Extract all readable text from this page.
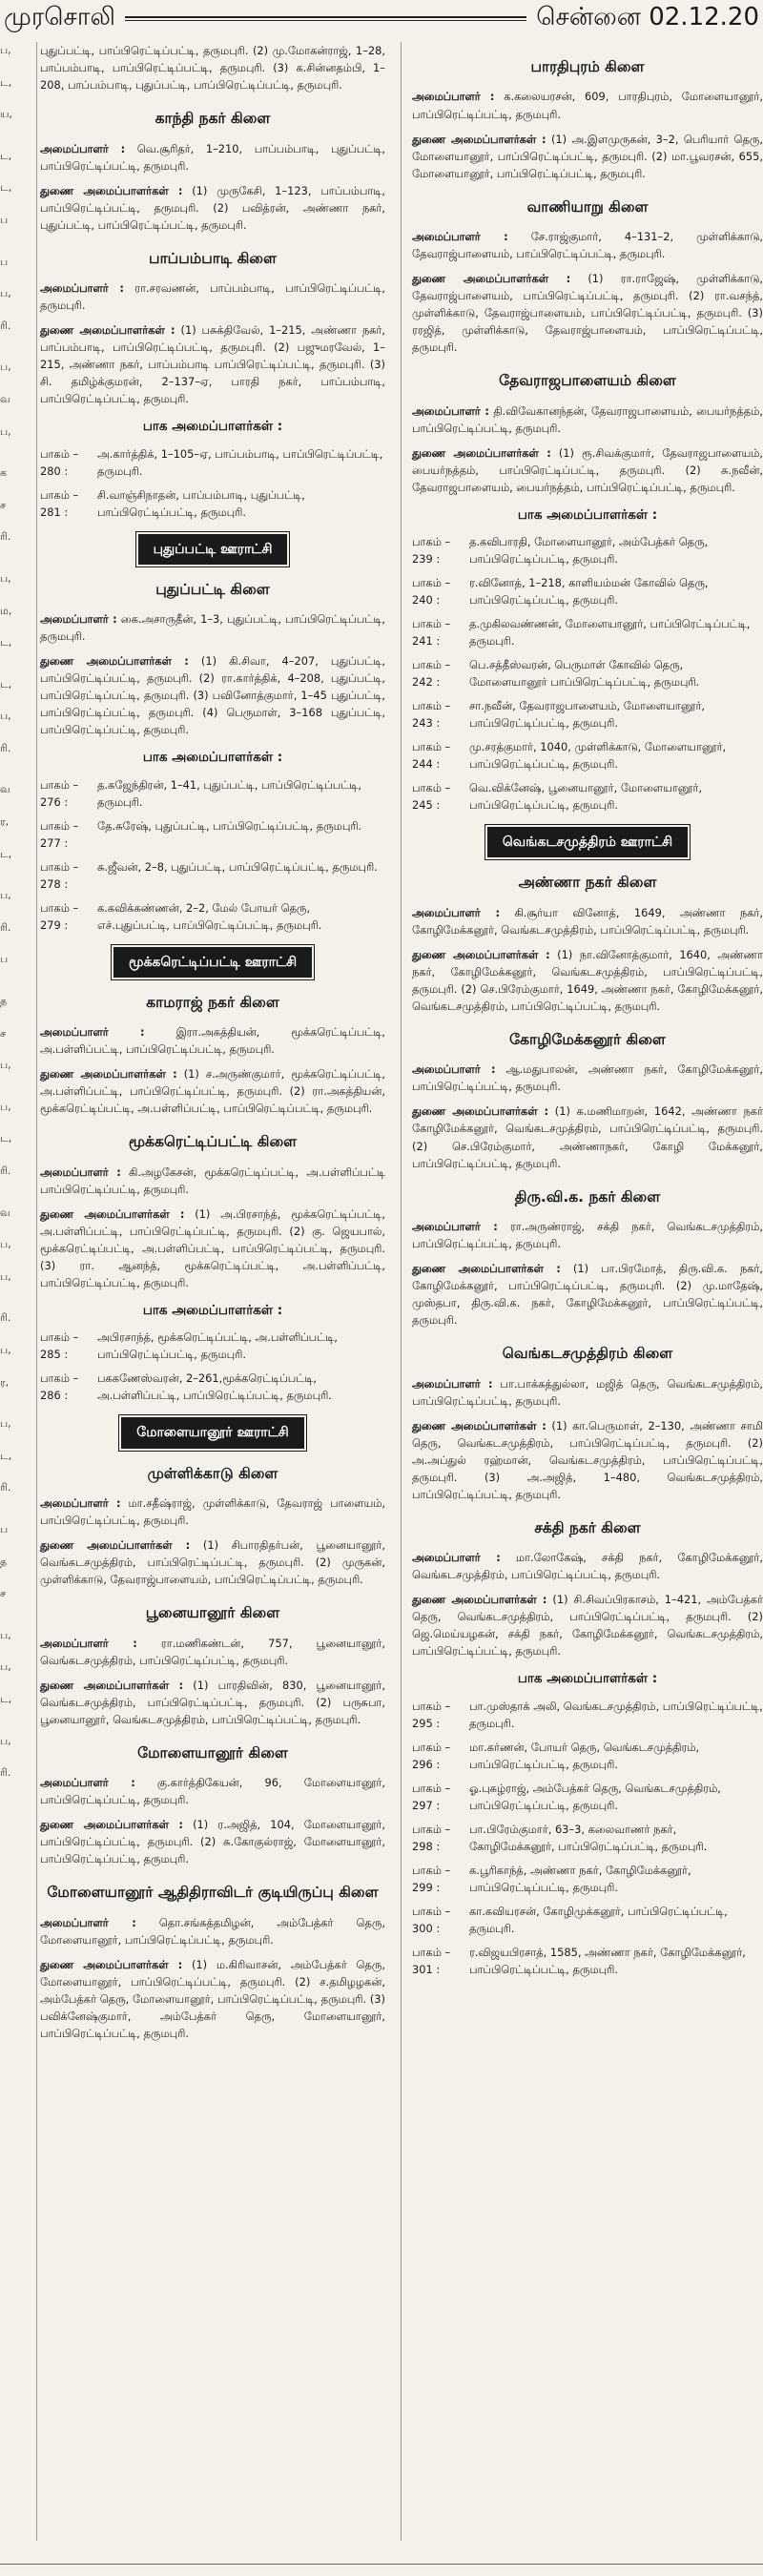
முரசொலி	சென்னை 02.12.20
ப,
ட,
ய,
ட,
ட,
ப
ப
ப,
ரி.
ப,
வ
ப,
க
ச
ரி.
ப,
ம,
ட,
ட,
ப,
ரி.
வ
ர,
ட,
ப,
ரி.
ப
த
ச
ப,
ப,
ட,
ரி.
வ
ப,
ப,
ரி.
ப,
ர,
ப,
ட,
ரி.
ப
த
ச
ப,
ப,
ட,
ப,
ரி.

புதுப்பட்டி, பாப்பிரெட்டிப்பட்டி, தருமபுரி. (2) மு.மோகன்ராஜ், 1–28, பாப்பம்பாடி, பாப்பிரெட்டிப்பட்டி, தருமபுரி. (3) க.சின்னதம்பி, 1–208, பாப்பம்பாடி, புதுப்பட்டி, பாப்பிரெட்டிப்பட்டி, தருமபுரி.

காந்தி நகர் கிளை

அமைப்பாளர் : வெ.சூரிதர், 1–210, பாப்பம்பாடி, புதுப்பட்டி, பாப்பிரெட்டிப்பட்டி, தருமபுரி.

துணை அமைப்பாளர்கள் : (1) முருகேசி, 1–123, பாப்பம்பாடி, பாப்பிரெட்டிப்பட்டி, தருமபுரி. (2) பவித்ரன், அண்ணா நகர், புதுப்பட்டி, பாப்பிரெட்டிப்பட்டி, தருமபுரி.

பாப்பம்பாடி கிளை

அமைப்பாளர் : ரா.சரவணன், பாப்பம்பாடி, பாப்பிரெட்டிப்பட்டி, தருமபுரி.

துணை அமைப்பாளர்கள் : (1) பசுக்திவேல், 1–215, அண்ணா நகர், பாப்பம்பாடி, பாப்பிரெட்டிப்பட்டி, தருமபுரி. (2) பஜுமரவேல், 1–215, அண்ணா நகர், பாப்பம்பாடி பாப்பிரெட்டிப்பட்டி, தருமபுரி. (3) சி. தமிழ்க்குமரன், 2–137–ஏ, பாரதி நகர், பாப்பம்பாடி, பாப்பிரெட்டிப்பட்டி, தருமபுரி.

பாக அமைப்பாளர்கள் :
பாகம் – 280 :
அ.கார்த்திக், 1–105–ஏ, பாப்பம்பாடி, பாப்பிரெட்டிப்பட்டி, தருமபுரி.
பாகம் – 281 :
சி.வாஞ்சிநாதன், பாப்பம்பாடி, புதுப்பட்டி, பாப்பிரெட்டிப்பட்டி, தருமபுரி.
புதுப்பட்டி ஊராட்சி
புதுப்பட்டி கிளை

அமைப்பாளர் : கை.அசாருதீன், 1–3, புதுப்பட்டி, பாப்பிரெட்டிப்பட்டி, தருமபுரி.

துணை அமைப்பாளர்கள் : (1) கி.சிவா, 4–207, புதுப்பட்டி, பாப்பிரெட்டிப்பட்டி, தருமபுரி. (2) ரா.கார்த்திக், 4–208, புதுப்பட்டி, பாப்பிரெட்டிப்பட்டி, தருமபுரி. (3) பவினோத்குமார், 1–45 புதுப்பட்டி, பாப்பிரெட்டிப்பட்டி, தருமபுரி. (4) பெருமாள், 3–168 புதுப்பட்டி, பாப்பிரெட்டிப்பட்டி, தருமபுரி.

பாக அமைப்பாளர்கள் :
பாகம் – 276 :
த.கஜேந்திரன், 1–41, புதுப்பட்டி, பாப்பிரெட்டிப்பட்டி, தருமபுரி.
பாகம் – 277 :
தே.சுரேஷ், புதுப்பட்டி, பாப்பிரெட்டிப்பட்டி, தருமபுரி.
பாகம் – 278 :
சு.ஜீவன், 2–8, புதுப்பட்டி, பாப்பிரெட்டிப்பட்டி, தருமபுரி.
பாகம் – 279 :
க.கவிக்கண்ணன், 2–2, மேல் போயர் தெரு, எச்.புதுப்பட்டி, பாப்பிரெட்டிப்பட்டி, தருமபுரி.
மூக்கரெட்டிப்பட்டி ஊராட்சி
காமராஜ் நகர் கிளை

அமைப்பாளர் :	இரா.அகத்தியன், மூக்கரெட்டிப்பட்டி, அ.பள்ளிப்பட்டி, பாப்பிரெட்டிப்பட்டி, தருமபுரி.

துணை அமைப்பாளர்கள் : (1) ச.அருண்குமார், மூக்கரெட்டிப்பட்டி, அ.பள்ளிப்பட்டி, பாப்பிரெட்டிப்பட்டி, தருமபுரி. (2) ரா.அகத்தியன், மூக்கரெட்டிப்பட்டி, அ.பள்ளிப்பட்டி, பாப்பிரெட்டிப்பட்டி, தருமபுரி.

மூக்கரெட்டிப்பட்டி கிளை

அமைப்பாளர் : கி.அழகேசன், மூக்கரெட்டிப்பட்டி, அ.பள்ளிப்பட்டி பாப்பிரெட்டிப்பட்டி, தருமபுரி.

துணை அமைப்பாளர்கள் : (1) அ.பிரசாந்த், மூக்கரெட்டிப்பட்டி, அ.பள்ளிப்பட்டி, பாப்பிரெட்டிப்பட்டி, தருமபுரி. (2) கு. ஜெயபால், மூக்கரெட்டிப்பட்டி, அ.பள்ளிப்பட்டி, பாப்பிரெட்டிப்பட்டி, தருமபுரி. (3) ரா. ஆனந்த், மூக்கரெட்டிப்பட்டி, அ.பள்ளிப்பட்டி, பாப்பிரெட்டிப்பட்டி, தருமபுரி.

பாக அமைப்பாளர்கள் :
பாகம் – 285 :
அபிரசாந்த், மூக்கரெட்டிப்பட்டி, அ.பள்ளிப்பட்டி, பாப்பிரெட்டிப்பட்டி, தருமபுரி.
பாகம் – 286 :
பககணேஸ்வரன், 2–261,மூக்கரெட்டிப்பட்டி, அ.பள்ளிப்பட்டி, பாப்பிரெட்டிப்பட்டி, தருமபுரி.
மோளையானூர் ஊராட்சி
முள்ளிக்காடு கிளை

அமைப்பாளர் : மா.சதீஷ்ராஜ், முள்ளிக்காடு, தேவராஜ் பாளையம், பாப்பிரெட்டிப்பட்டி, தருமபுரி.

துணை அமைப்பாளர்கள் : (1) சிபாரதிதர்பன், பூனையானூர், வெங்கடசமுத்திரம், பாப்பிரெட்டிப்பட்டி, தருமபுரி. (2) முருகன், முள்ளிக்காடு, தேவராஜ்பாளையம், பாப்பிரெட்டிப்பட்டி, தருமபுரி.

பூனையானூர் கிளை

அமைப்பாளர் : ரா.மணிகண்டன், 757, பூனையானூர், வெங்கடசமுத்திரம், பாப்பிரெட்டிப்பட்டி, தருமபுரி.

துணை அமைப்பாளர்கள் : (1) பாரதிவின், 830, பூனையானூர், வெங்கடசமுத்திரம், பாப்பிரெட்டிப்பட்டி, தருமபுரி. (2) பருசுபா, பூனையானூர், வெங்கடசமுத்திரம், பாப்பிரெட்டிப்பட்டி, தருமபுரி.

மோளையானூர் கிளை

அமைப்பாளர் : கு.கார்த்திகேயன், 96, மோளையானூர், பாப்பிரெட்டிப்பட்டி, தருமபுரி.

துணை அமைப்பாளர்கள் : (1) ர.அஜித், 104, மோளையானூர், பாப்பிரெட்டிப்பட்டி, தருமபுரி. (2) சு.கோகுல்ராஜ், மோளையானூர், பாப்பிரெட்டிப்பட்டி, தருமபுரி.

மோளையானூர் ஆதிதிராவிடர் குடியிருப்பு கிளை

அமைப்பாளர் : தொ.சங்கத்தமிழன், அம்பேத்கர் தெரு, மோளையானூர், பாப்பிரெட்டிப்பட்டி, தருமபுரி.

துணை அமைப்பாளர்கள் : (1) ம.கிரிவாசன், அம்பேத்கர் தெரு, மோளையானூர், பாப்பிரெட்டிப்பட்டி, தருமபுரி. (2) ச.தமிழழகன், அம்பேத்கர் தெரு, மோளையானூர், பாப்பிரெட்டிப்பட்டி, தருமபுரி. (3) பவிக்னேஷ்குமார், அம்பேத்கர் தெரு, மோளையானூர், பாப்பிரெட்டிப்பட்டி, தருமபுரி.

பாரதிபுரம் கிளை

அமைப்பாளர் : க.கலையரசன், 609, பாரதிபுரம், மோளையானூர், பாப்பிரெட்டிப்பட்டி, தருமபுரி.

துணை அமைப்பாளர்கள் : (1) அ.இளமுருகன், 3–2, பெரியார் தெரு, மோளையானூர், பாப்பிரெட்டிப்பட்டி, தருமபுரி. (2) மா.பூவரசன், 655, மோளையானூர், பாப்பிரெட்டிப்பட்டி, தருமபுரி.

வாணியாறு கிளை

அமைப்பாளர் : சே.ராஜ்குமார், 4–131–2, முள்ளிக்காடு, தேவராஜ்பாளையம், பாப்பிரெட்டிப்பட்டி, தருமபுரி.

துணை அமைப்பாளர்கள் : (1) ரா.ராஜேஷ், முள்ளிக்காடு, தேவராஜ்பாளையம், பாப்பிரெட்டிப்பட்டி, தருமபுரி. (2) ரா.வசந்த், முள்ளிக்காடு, தேவராஜ்பாளையம், பாப்பிரெட்டிப்பட்டி, தருமபுரி. (3) ரரஜித், முள்ளிக்காடு, தேவராஜ்பாளையம், பாப்பிரெட்டிப்பட்டி, தருமபுரி.

தேவராஜபாளையம் கிளை

அமைப்பாளர் : தி.விவேகானந்தன், தேவராஜபாளையம், பையர்நத்தம், பாப்பிரெட்டிப்பட்டி, தருமபுரி.

துணை அமைப்பாளர்கள் : (1) ரூ.சிவக்குமார், தேவராஜபாளையம், பையர்நத்தம், பாப்பிரெட்டிப்பட்டி, தருமபுரி. (2) சு.நவீன், தேவராஜபாளையம், பையர்நத்தம், பாப்பிரெட்டிப்பட்டி, தருமபுரி.

பாக அமைப்பாளர்கள் :
பாகம் – 239 :
த.கவிபாரதி, மோளையானூர், அம்பேத்கர் தெரு, பாப்பிரெட்டிப்பட்டி, தருமபுரி.
பாகம் – 240 :
ர.வினோத், 1–218, காளியம்மன் கோவில் தெரு, பாப்பிரெட்டிப்பட்டி, தருமபுரி.
பாகம் – 241 :
த.முகிலவண்ணன், மோளையானூர், பாப்பிரெட்டிப்பட்டி, தருமபுரி.
பாகம் – 242 :
பெ.சத்தீஸ்வரன், பெருமாள் கோவில் தெரு, மோளையானூர் பாப்பிரெட்டிப்பட்டி, தருமபுரி.
பாகம் – 243 :
சா.நவீன், தேவராஜபாளையம், மோளையானூர், பாப்பிரெட்டிப்பட்டி, தருமபுரி.
பாகம் – 244 :
மு.சரத்குமார், 1040, முள்ளிக்காடு, மோளையானூர், பாப்பிரெட்டிப்பட்டி, தருமபுரி.
பாகம் – 245 :
வெ.விக்னேஷ், பூனையானூர், மோளையானூர், பாப்பிரெட்டிப்பட்டி, தருமபுரி.
வெங்கடசமுத்திரம் ஊராட்சி
அண்ணா நகர் கிளை

அமைப்பாளர் : கி.சூர்யா வினோத், 1649, அண்ணா நகர், கோழிமேக்கனூர், வெங்கடசமுத்திரம், பாப்பிரெட்டிப்பட்டி, தருமபுரி.

துணை அமைப்பாளர்கள் : (1) நா.வினோத்குமார், 1640, அண்ணா நகர், கோழிமேக்கனூர், வெங்கடசமுத்திரம், பாப்பிரெட்டிப்பட்டி, தருமபுரி. (2) செ.பிரேம்குமார், 1649, அண்ணா நகர், கோழிமேக்கனூர், வெங்கடசமுத்திரம், பாப்பிரெட்டிப்பட்டி, தருமபுரி.

கோழிமேக்கனூர் கிளை

அமைப்பாளர் : ஆ.மதுபாலன், அண்ணா நகர், கோழிமேக்கனூர், பாப்பிரெட்டிப்பட்டி, தருமபுரி.

துணை அமைப்பாளர்கள் : (1) க.மணிமாறன், 1642, அண்ணா நகர் கோழிமேக்கனூர், வெங்கடசமுத்திரம், பாப்பிரெட்டிப்பட்டி, தருமபுரி. (2) செ.பிரேம்குமார், அண்ணாநகர், கோழி மேக்கனூர், பாப்பிரெட்டிப்பட்டி, தருமபுரி.

திரு.வி.க. நகர் கிளை

அமைப்பாளர் : ரா.அருண்ராஜ், சக்தி நகர், வெங்கடசமுத்திரம், பாப்பிரெட்டிப்பட்டி, தருமபுரி.

துணை அமைப்பாளர்கள் : (1) பா.பிரமோத், திரு.வி.க. நகர், கோழிமேக்கனூர், பாப்பிரெட்டிப்பட்டி, தருமபுரி. (2) மு.மாதேஷ், முஸ்தபா, திரு.வி.க. நகர், கோழிமேக்கனூர், பாப்பிரெட்டிப்பட்டி, தருமபுரி.

வெங்கடசமுத்திரம் கிளை

அமைப்பாளர் : பா.பாக்கத்துல்லா, மஜித் தெரு, வெங்கடசமுத்திரம், பாப்பிரெட்டிப்பட்டி, தருமபுரி.

துணை அமைப்பாளர்கள் : (1) கா.பெருமாள், 2–130, அண்ணா சாமி தெரு, வெங்கடசமுத்திரம், பாப்பிரெட்டிப்பட்டி, தருமபுரி. (2) அ.அப்துல் ரஹ்மான், வெங்கடசமுத்திரம், பாப்பிரெட்டிப்பட்டி, தருமபுரி. (3) அ.அஜித், 1–480, வெங்கடசமுத்திரம், பாப்பிரெட்டிப்பட்டி, தருமபுரி.

சக்தி நகர் கிளை

அமைப்பாளர் : மா.லோகேஷ், சக்தி நகர், கோழிமேக்கனூர், வெங்கடசமுத்திரம், பாப்பிரெட்டிப்பட்டி, தருமபுரி.

துணை அமைப்பாளர்கள் : (1) சி.சிவப்பிரகாசம், 1–421, அம்பேத்கர் தெரு, வெங்கடசமுத்திரம், பாப்பிரெட்டிப்பட்டி, தருமபுரி. (2) ஜெ.மெய்யழகன், சக்தி நகர், கோழிமேக்கனூர், வெங்கடசமுத்திரம், பாப்பிரெட்டிப்பட்டி, தருமபுரி.

பாக அமைப்பாளர்கள் :
பாகம் – 295 :
பா.முஸ்தாக் அலி, வெங்கடசமுத்திரம், பாப்பிரெட்டிப்பட்டி, தருமபுரி.
பாகம் – 296 :
மா.கர்ணன், போயர் தெரு, வெங்கடசமுத்திரம், பாப்பிரெட்டிப்பட்டி, தருமபுரி.
பாகம் – 297 :
ஓ.புகழ்ராஜ், அம்பேத்கர் தெரு, வெங்கடசமுத்திரம், பாப்பிரெட்டிப்பட்டி, தருமபுரி.
பாகம் – 298 :
பா.பிரேம்குமார், 63–3, கலைவாணர் நகர், கோழிமேக்கனூர், பாப்பிரெட்டிப்பட்டி, தருமபுரி.
பாகம் – 299 :
க.பூரிகாந்த், அண்ணா நகர், கோழிமேக்கனூர், பாப்பிரெட்டிப்பட்டி, தருமபுரி.
பாகம் – 300 :
கா.கவியரசன், கோழிமுக்கனூர், பாப்பிரெட்டிப்பட்டி, தருமபுரி.
பாகம் – 301 :
ர.விஜயபிரசாத், 1585, அண்ணா நகர், கோழிமேக்கனூர், பாப்பிரெட்டிப்பட்டி, தருமபுரி.
